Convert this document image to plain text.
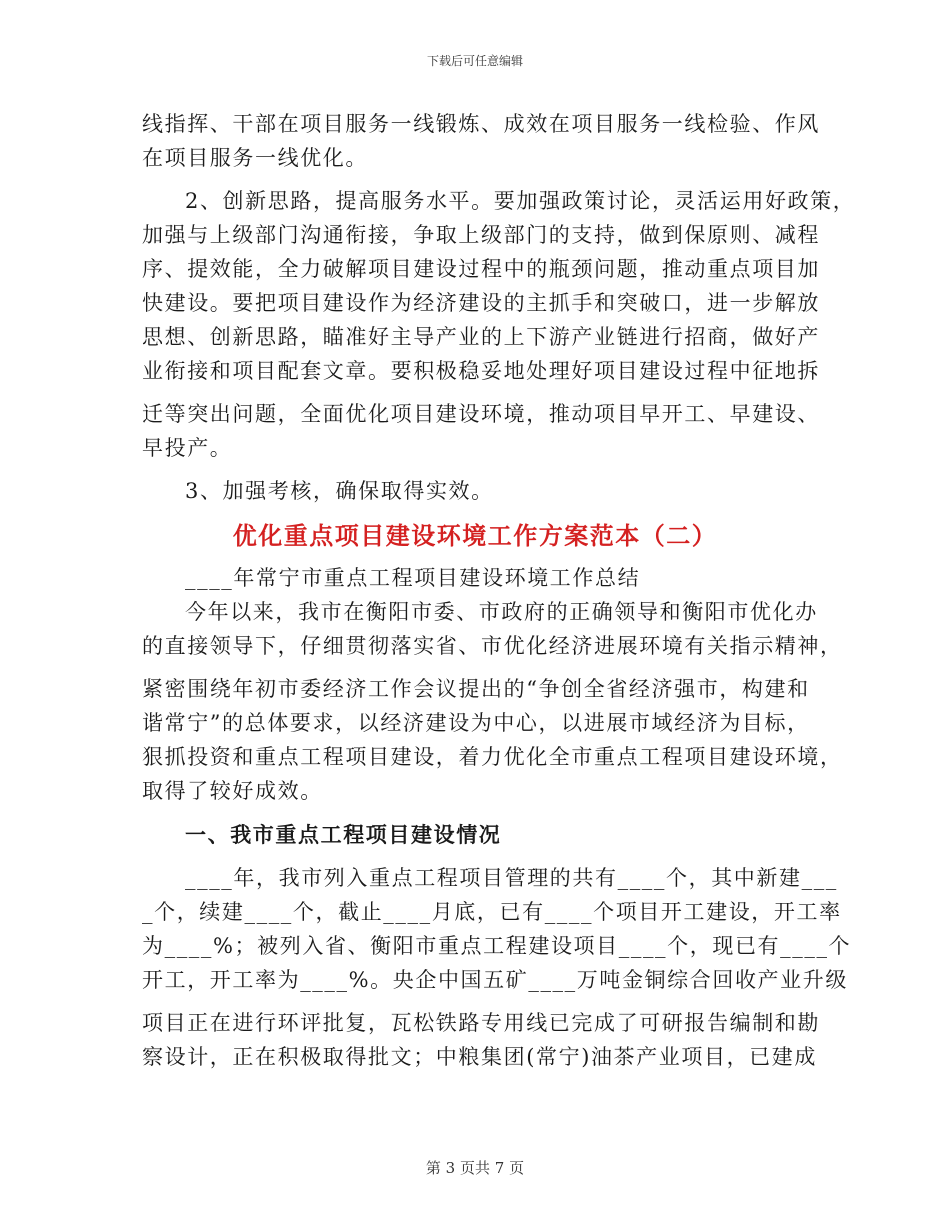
下载后可任意编辑
线指挥、干部在项目服务一线锻炼、成效在项目服务一线检验、作风
在项目服务一线优化。
2、创新思路，提高服务水平。要加强政策讨论，灵活运用好政策，
加强与上级部门沟通衔接，争取上级部门的支持，做到保原则、减程
序、提效能，全力破解项目建设过程中的瓶颈问题，推动重点项目加
快建设。要把项目建设作为经济建设的主抓手和突破口，进一步解放
思想、创新思路，瞄准好主导产业的上下游产业链进行招商，做好产
业衔接和项目配套文章。要积极稳妥地处理好项目建设过程中征地拆
迁等突出问题，全面优化项目建设环境，推动项目早开工、早建设、
早投产。
3、加强考核，确保取得实效。
优化重点项目建设环境工作方案范本（二）
____年常宁市重点工程项目建设环境工作总结
今年以来，我市在衡阳市委、市政府的正确领导和衡阳市优化办
的直接领导下，仔细贯彻落实省、市优化经济进展环境有关指示精神，
紧密围绕年初市委经济工作会议提出的“争创全省经济强市，构建和
谐常宁”的总体要求，以经济建设为中心，以进展市域经济为目标，
狠抓投资和重点工程项目建设，着力优化全市重点工程项目建设环境，
取得了较好成效。
一、我市重点工程项目建设情况
____年，我市列入重点工程项目管理的共有____个，其中新建___
_个，续建____个，截止____月底，已有____个项目开工建设，开工率
为____%；被列入省、衡阳市重点工程建设项目____个，现已有____个
开工，开工率为____%。央企中国五矿____万吨金铜综合回收产业升级
项目正在进行环评批复，瓦松铁路专用线已完成了可研报告编制和勘
察设计，正在积极取得批文；中粮集团(常宁)油茶产业项目，已建成
第 3 页共 7 页
